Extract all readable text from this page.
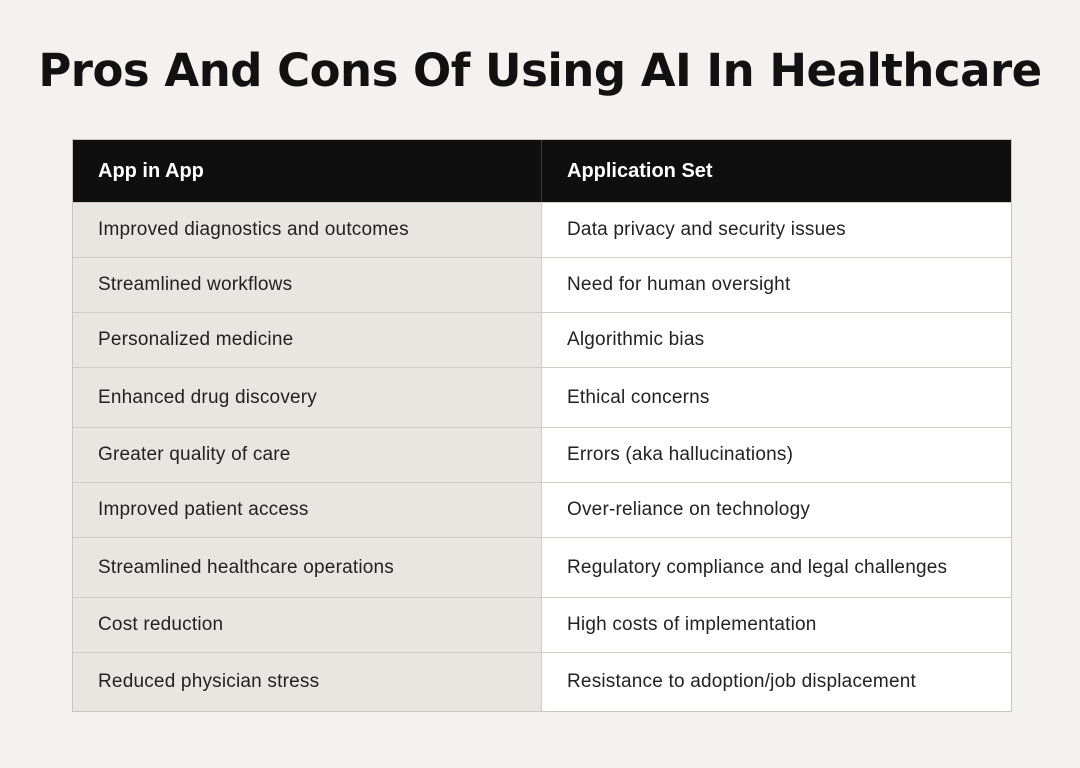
Pros And Cons Of Using AI In Healthcare
App in App	Application Set
Improved diagnostics and outcomes	Data privacy and security issues
Streamlined workflows	Need for human oversight
Personalized medicine	Algorithmic bias
Enhanced drug discovery	Ethical concerns
Greater quality of care	Errors (aka hallucinations)
Improved patient access	Over-reliance on technology
Streamlined healthcare operations	Regulatory compliance and legal challenges
Cost reduction	High costs of implementation
Reduced physician stress	Resistance to adoption/job displacement
